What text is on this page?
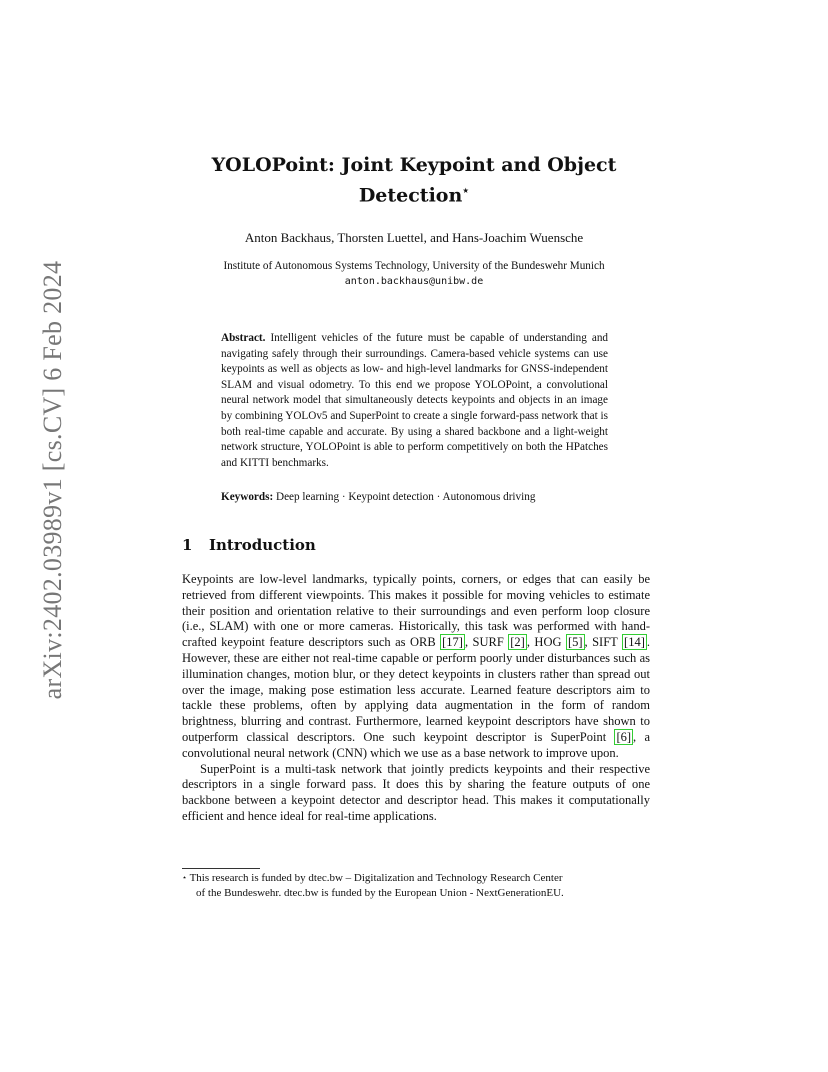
arXiv:2402.03989v1 [cs.CV] 6 Feb 2024
YOLOPoint: Joint Keypoint and Object
Detection⋆
Anton Backhaus, Thorsten Luettel, and Hans-Joachim Wuensche
Institute of Autonomous Systems Technology, University of the Bundeswehr Munich
anton.backhaus@unibw.de
Abstract. Intelligent vehicles of the future must be capable of understanding and navigating safely through their surroundings. Camera-based vehicle systems can use keypoints as well as objects as low- and high-level landmarks for GNSS-independent SLAM and visual odometry. To this end we propose YOLOPoint, a convolutional neural network model that simultaneously detects keypoints and objects in an image by combining YOLOv5 and SuperPoint to create a single forward-pass network that is both real-time capable and accurate. By using a shared backbone and a light-weight network structure, YOLOPoint is able to perform competitively on both the HPatches and KITTI benchmarks.
Keywords: Deep learning · Keypoint detection · Autonomous driving
1 Introduction

Keypoints are low-level landmarks, typically points, corners, or edges that can easily be retrieved from different viewpoints. This makes it possible for moving vehicles to estimate their position and orientation relative to their surroundings and even perform loop closure (i.e., SLAM) with one or more cameras. Historically, this task was performed with hand-crafted keypoint feature descriptors such as ORB [17] , SURF [2] , HOG [5] , SIFT [14] . However, these are either not real-time capable or perform poorly under disturbances such as illumination changes, motion blur, or they detect keypoints in clusters rather than spread out over the image, making pose estimation less accurate. Learned feature descriptors aim to tackle these problems, often by applying data augmentation in the form of random brightness, blurring and contrast. Furthermore, learned keypoint descriptors have shown to outperform classical descriptors. One such keypoint descriptor is SuperPoint [6] , a convolutional neural network (CNN) which we use as a base network to improve upon.

SuperPoint is a multi-task network that jointly predicts keypoints and their respective descriptors in a single forward pass. It does this by sharing the feature outputs of one backbone between a keypoint detector and descriptor head. This makes it computationally efficient and hence ideal for real-time applications.

⋆ This research is funded by dtec.bw – Digitalization and Technology Research Center
of the Bundeswehr. dtec.bw is funded by the European Union - NextGenerationEU.
